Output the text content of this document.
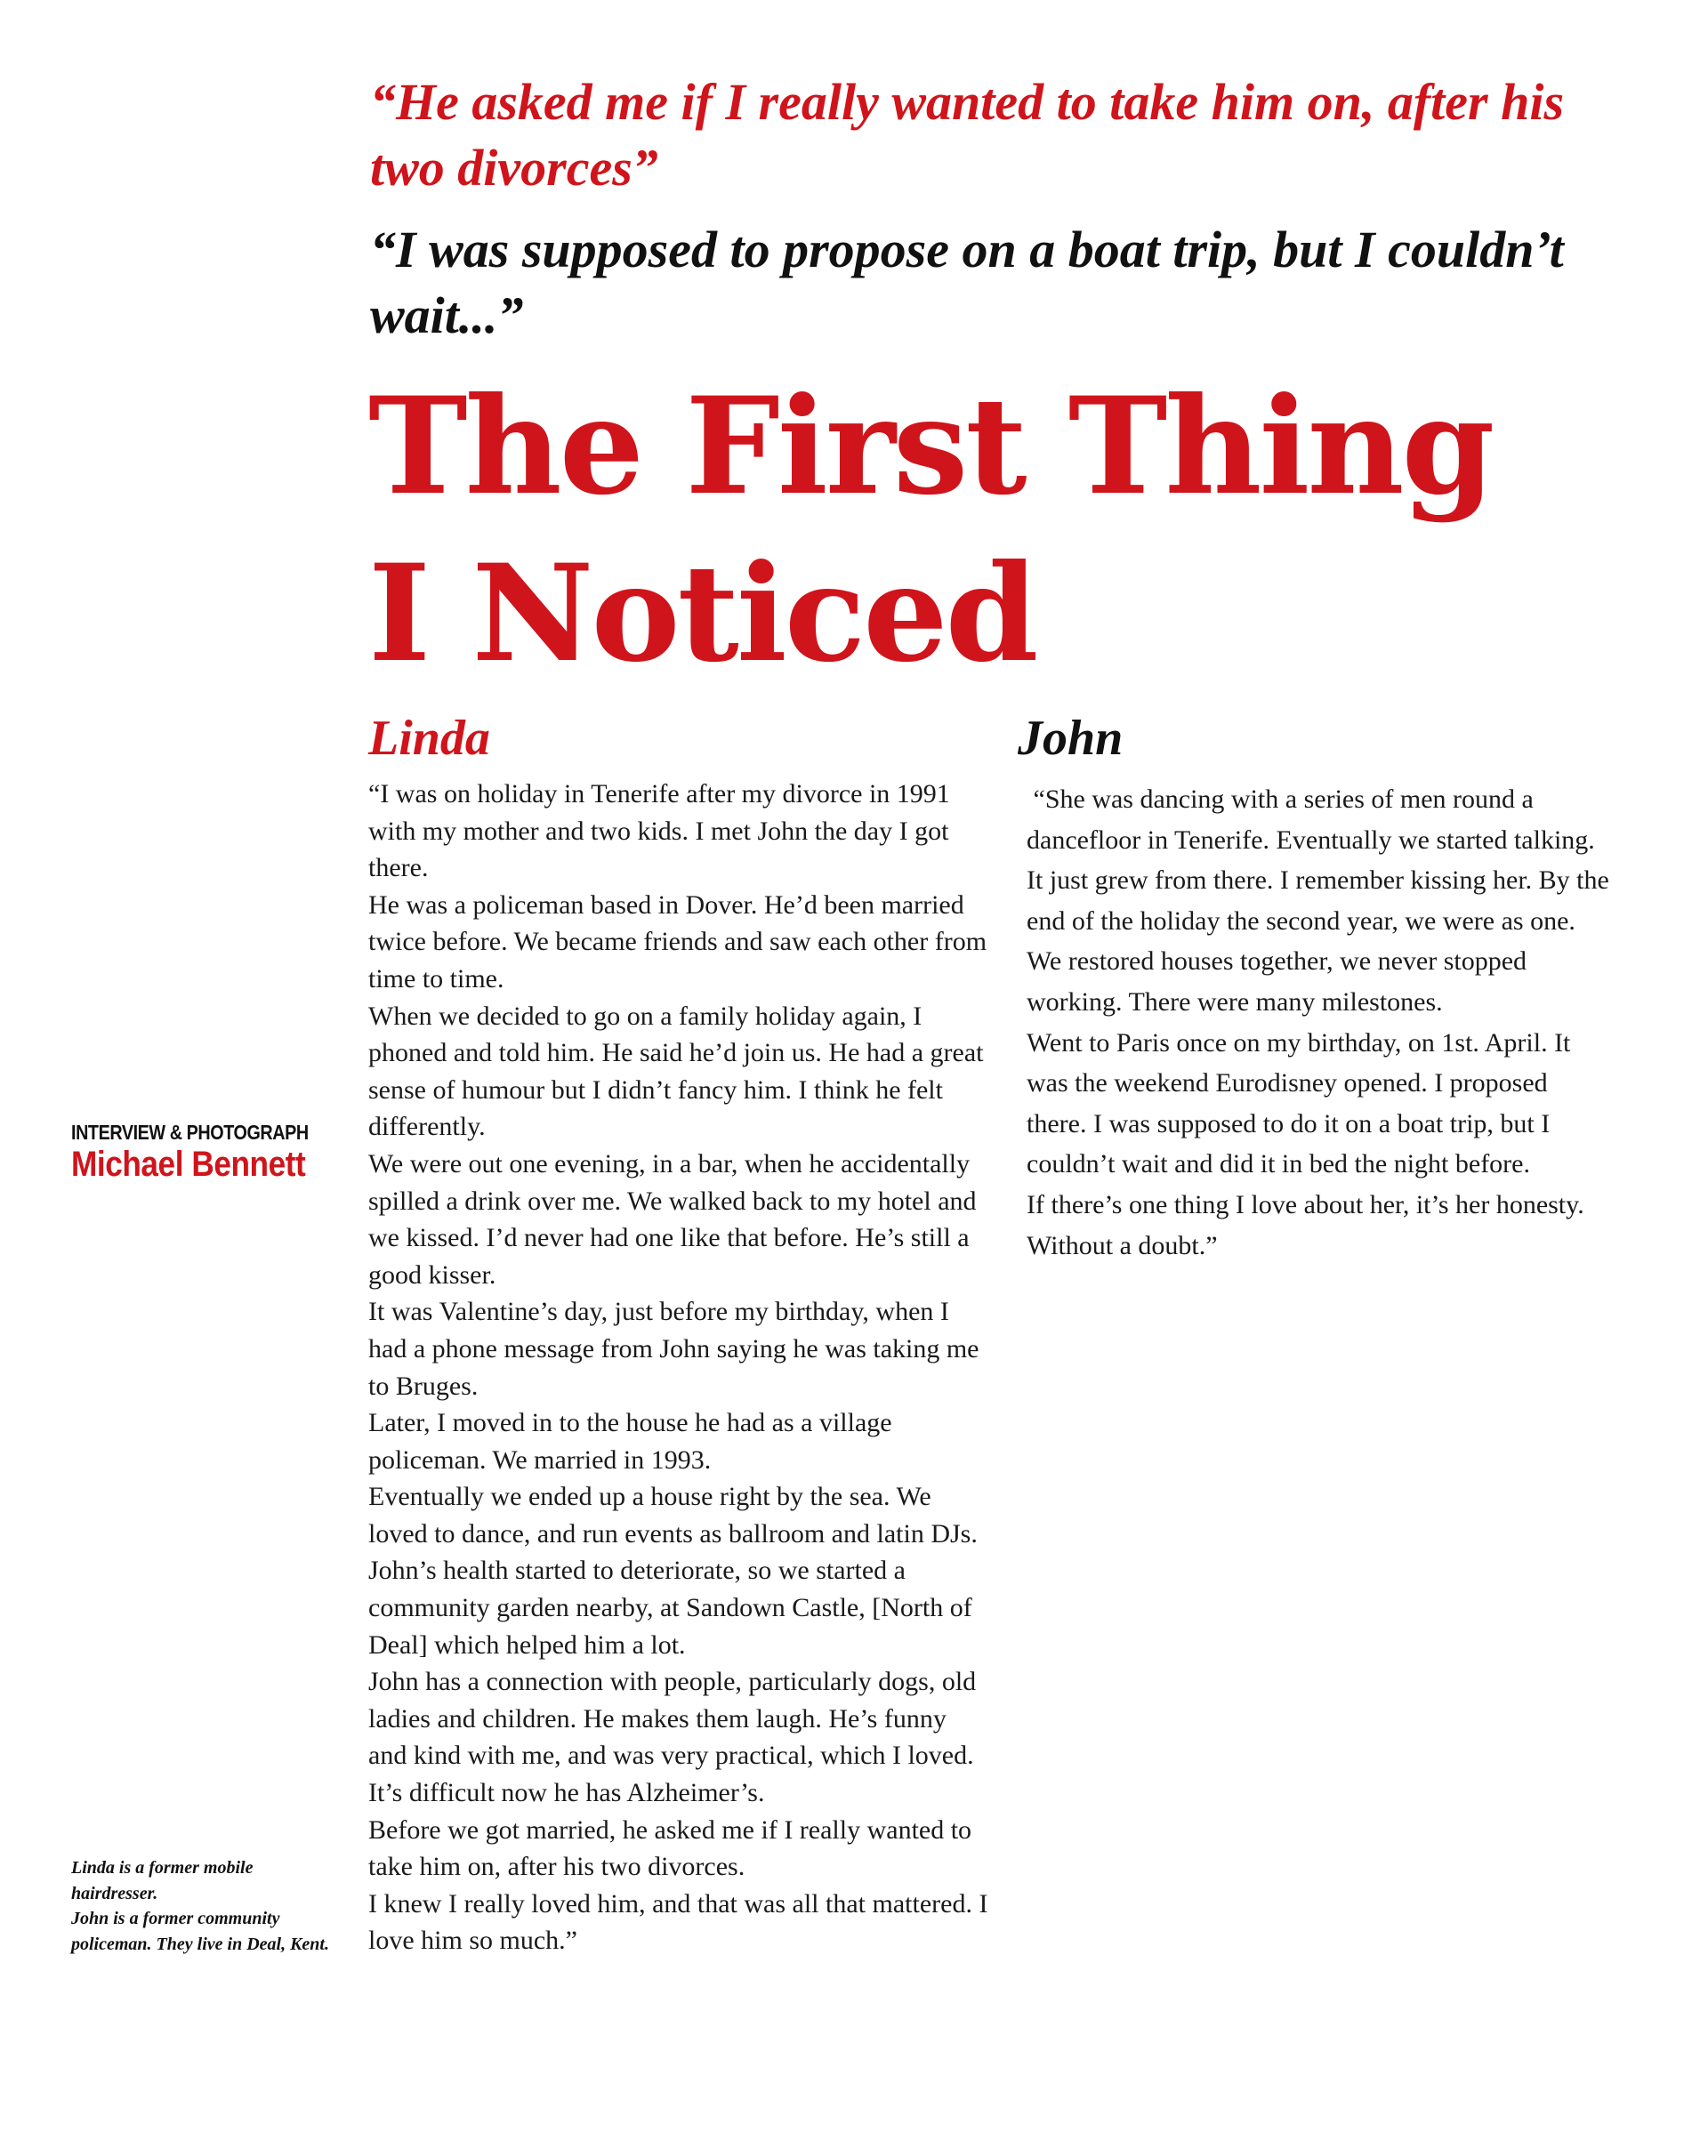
“He asked me if I really wanted to take him on, after his two divorces”

“I was supposed to propose on a boat trip, but I couldn’t wait...”

The First Thing
I Noticed
INTERVIEW & PHOTOGRAPH
Michael Bennett

Linda is a former mobile hairdresser.

John is a former community policeman. They live in Deal, Kent.

Linda

“I was on holiday in Tenerife after my divorce in 1991 with my mother and two kids. I met John the day I got there.

He was a policeman based in Dover. He’d been married twice before. We became friends and saw each other from time to time.

When we decided to go on a family holiday again, I phoned and told him. He said he’d join us. He had a great sense of humour but I didn’t fancy him. I think he felt differently.

We were out one evening, in a bar, when he accidentally spilled a drink over me. We walked back to my hotel and we kissed. I’d never had one like that before. He’s still a good kisser.

It was Valentine’s day, just before my birthday, when I had a phone message from John saying he was taking me to Bruges.

Later, I moved in to the house he had as a village policeman. We married in 1993.

Eventually we ended up a house right by the sea. We loved to dance, and run events as ballroom and latin DJs.

John’s health started to deteriorate, so we started a community garden nearby, at Sandown Castle, [North of Deal] which helped him a lot.

John has a connection with people, particularly dogs, old ladies and children. He makes them laugh. He’s funny and kind with me, and was very practical, which I loved. It’s difficult now he has Alzheimer’s.

Before we got married, he asked me if I really wanted to take him on, after his two divorces.

I knew I really loved him, and that was all that mattered. I love him so much.”

John

“She was dancing with a series of men round a dancefloor in Tenerife. Eventually we started talking. It just grew from there. I remember kissing her. By the end of the holiday the second year, we were as one.

We restored houses together, we never stopped working. There were many milestones.

Went to Paris once on my birthday, on 1st. April. It was the weekend Eurodisney opened. I proposed there. I was supposed to do it on a boat trip, but I couldn’t wait and did it in bed the night before.

If there’s one thing I love about her, it’s her honesty. Without a doubt.”
